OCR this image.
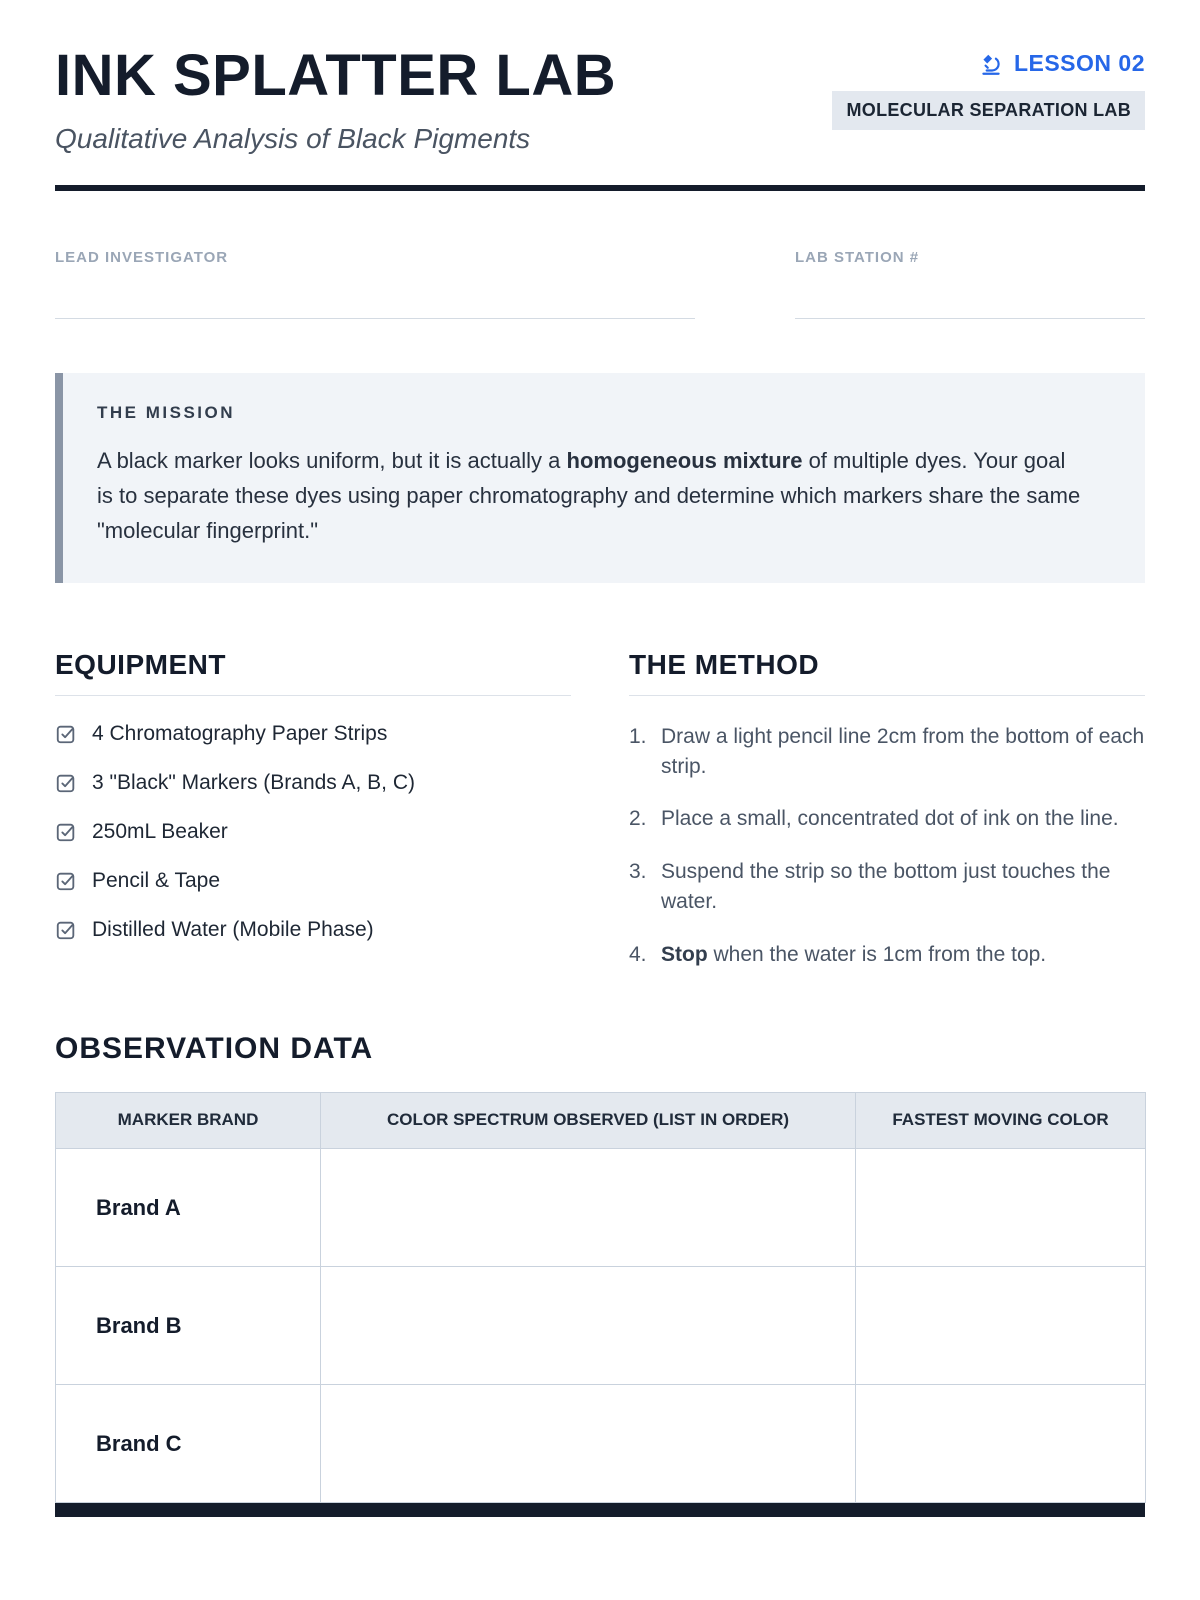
INK SPLATTER LAB
Qualitative Analysis of Black Pigments
LESSON 02
MOLECULAR SEPARATION LAB
LEAD INVESTIGATOR	LAB STATION #
THE MISSION
A black marker looks uniform, but it is actually a homogeneous mixture of multiple dyes. Your goal is to separate these dyes using paper chromatography and determine which markers share the same "molecular fingerprint."
EQUIPMENT
4 Chromatography Paper Strips
3 "Black" Markers (Brands A, B, C)
250mL Beaker
Pencil & Tape
Distilled Water (Mobile Phase)
THE METHOD
1. Draw a light pencil line 2cm from the bottom of each strip.
2. Place a small, concentrated dot of ink on the line.
3. Suspend the strip so the bottom just touches the water.
4. Stop when the water is 1cm from the top.
OBSERVATION DATA
MARKER BRAND	COLOR SPECTRUM OBSERVED (LIST IN ORDER)	FASTEST MOVING COLOR
Brand A		
Brand B		
Brand C		
